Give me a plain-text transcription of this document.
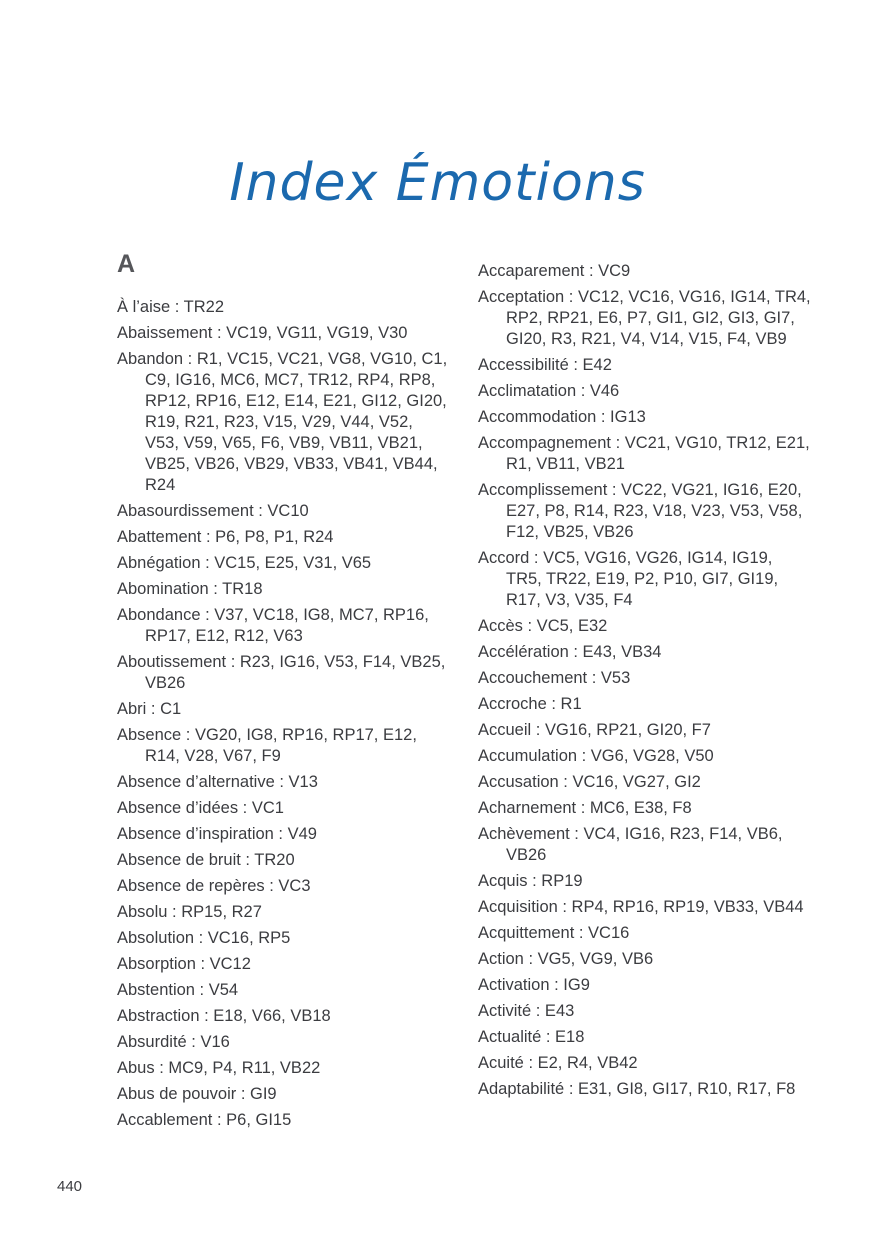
Index Émotions
A

À l’aise : TR22

Abaissement : VC19, VG11, VG19, V30

Abandon : R1, VC15, VC21, VG8, VG10, C1, C9, IG16, MC6, MC7, TR12, RP4, RP8, RP12, RP16, E12, E14, E21, GI12, GI20, R19, R21, R23, V15, V29, V44, V52, V53, V59, V65, F6, VB9, VB11, VB21, VB25, VB26, VB29, VB33, VB41, VB44, R24

Abasourdissement : VC10

Abattement : P6, P8, P1, R24

Abnégation : VC15, E25, V31, V65

Abomination : TR18

Abondance : V37, VC18, IG8, MC7, RP16, RP17, E12, R12, V63

Aboutissement : R23, IG16, V53, F14, VB25, VB26

Abri : C1

Absence : VG20, IG8, RP16, RP17, E12, R14, V28, V67, F9

Absence d’alternative : V13

Absence d’idées : VC1

Absence d’inspiration : V49

Absence de bruit : TR20

Absence de repères : VC3

Absolu : RP15, R27

Absolution : VC16, RP5

Absorption : VC12

Abstention : V54

Abstraction : E18, V66, VB18

Absurdité : V16

Abus : MC9, P4, R11, VB22

Abus de pouvoir : GI9

Accablement : P6, GI15

Accaparement : VC9

Acceptation : VC12, VC16, VG16, IG14, TR4, RP2, RP21, E6, P7, GI1, GI2, GI3, GI7, GI20, R3, R21, V4, V14, V15, F4, VB9

Accessibilité : E42

Acclimatation : V46

Accommodation : IG13

Accompagnement : VC21, VG10, TR12, E21, R1, VB11, VB21

Accomplissement : VC22, VG21, IG16, E20, E27, P8, R14, R23, V18, V23, V53, V58, F12, VB25, VB26

Accord : VC5, VG16, VG26, IG14, IG19, TR5, TR22, E19, P2, P10, GI7, GI19, R17, V3, V35, F4

Accès : VC5, E32

Accélération : E43, VB34

Accouchement : V53

Accroche : R1

Accueil : VG16, RP21, GI20, F7

Accumulation : VG6, VG28, V50

Accusation : VC16, VG27, GI2

Acharnement : MC6, E38, F8

Achèvement : VC4, IG16, R23, F14, VB6, VB26

Acquis : RP19

Acquisition : RP4, RP16, RP19, VB33, VB44

Acquittement : VC16

Action : VG5, VG9, VB6

Activation : IG9

Activité : E43

Actualité : E18

Acuité : E2, R4, VB42

Adaptabilité : E31, GI8, GI17, R10, R17, F8

440
